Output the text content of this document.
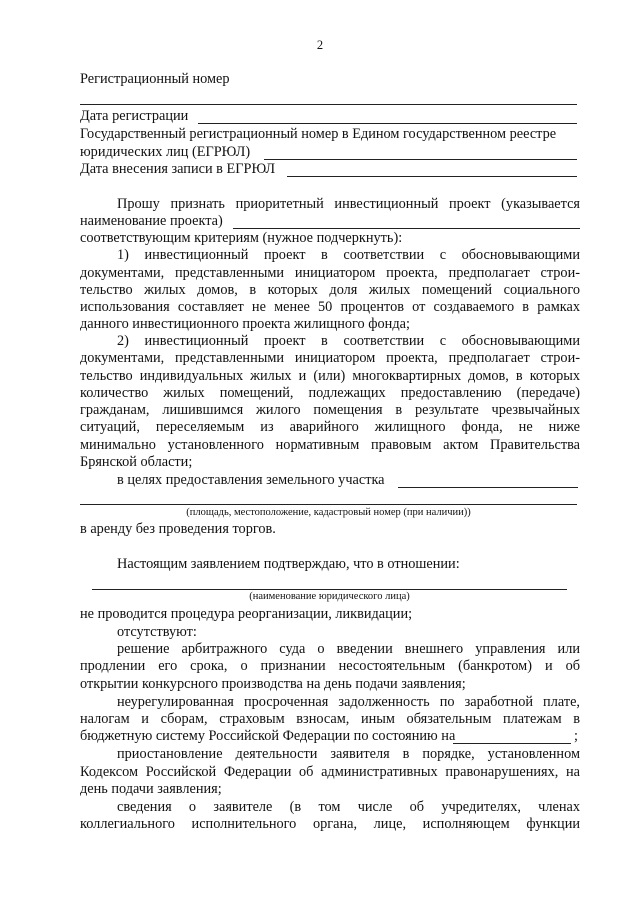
2
Регистрационный номер
Дата регистрации
Государственный регистрационный номер в Едином государственном реестре
юридических лиц (ЕГРЮЛ)
Дата внесения записи в ЕГРЮЛ
Прошу признать приоритетный инвестиционный проект (указывается
наименование проекта)
соответствующим критериям (нужное подчеркнуть):
1) инвестиционный проект в соответствии с обосновывающими
документами, представленными инициатором проекта, предполагает строи-
тельство жилых домов, в которых доля жилых помещений социального
использования составляет не менее 50 процентов от создаваемого в рамках
данного инвестиционного проекта жилищного фонда;
2) инвестиционный проект в соответствии с обосновывающими
документами, представленными инициатором проекта, предполагает строи-
тельство индивидуальных жилых и (или) многоквартирных домов, в которых
количество жилых помещений, подлежащих предоставлению (передаче)
гражданам, лишившимся жилого помещения в результате чрезвычайных
ситуаций, переселяемым из аварийного жилищного фонда, не ниже
минимально установленного нормативным правовым актом Правительства
Брянской области;
в целях предоставления земельного участка
(площадь, местоположение, кадастровый номер (при наличии))
в аренду без проведения торгов.
Настоящим заявлением подтверждаю, что в отношении:
(наименование юридического лица)
не проводится процедура реорганизации, ликвидации;
отсутствуют:
решение арбитражного суда о введении внешнего управления или
продлении его срока, о признании несостоятельным (банкротом) и об
открытии конкурсного производства на день подачи заявления;
неурегулированная просроченная задолженность по заработной плате,
налогам и сборам, страховым взносам, иным обязательным платежам в
бюджетную систему Российской Федерации по состоянию на	;
приостановление деятельности заявителя в порядке, установленном
Кодексом Российской Федерации об административных правонарушениях, на
день подачи заявления;
сведения о заявителе (в том числе об учредителях, членах
коллегиального исполнительного органа, лице, исполняющем функции
